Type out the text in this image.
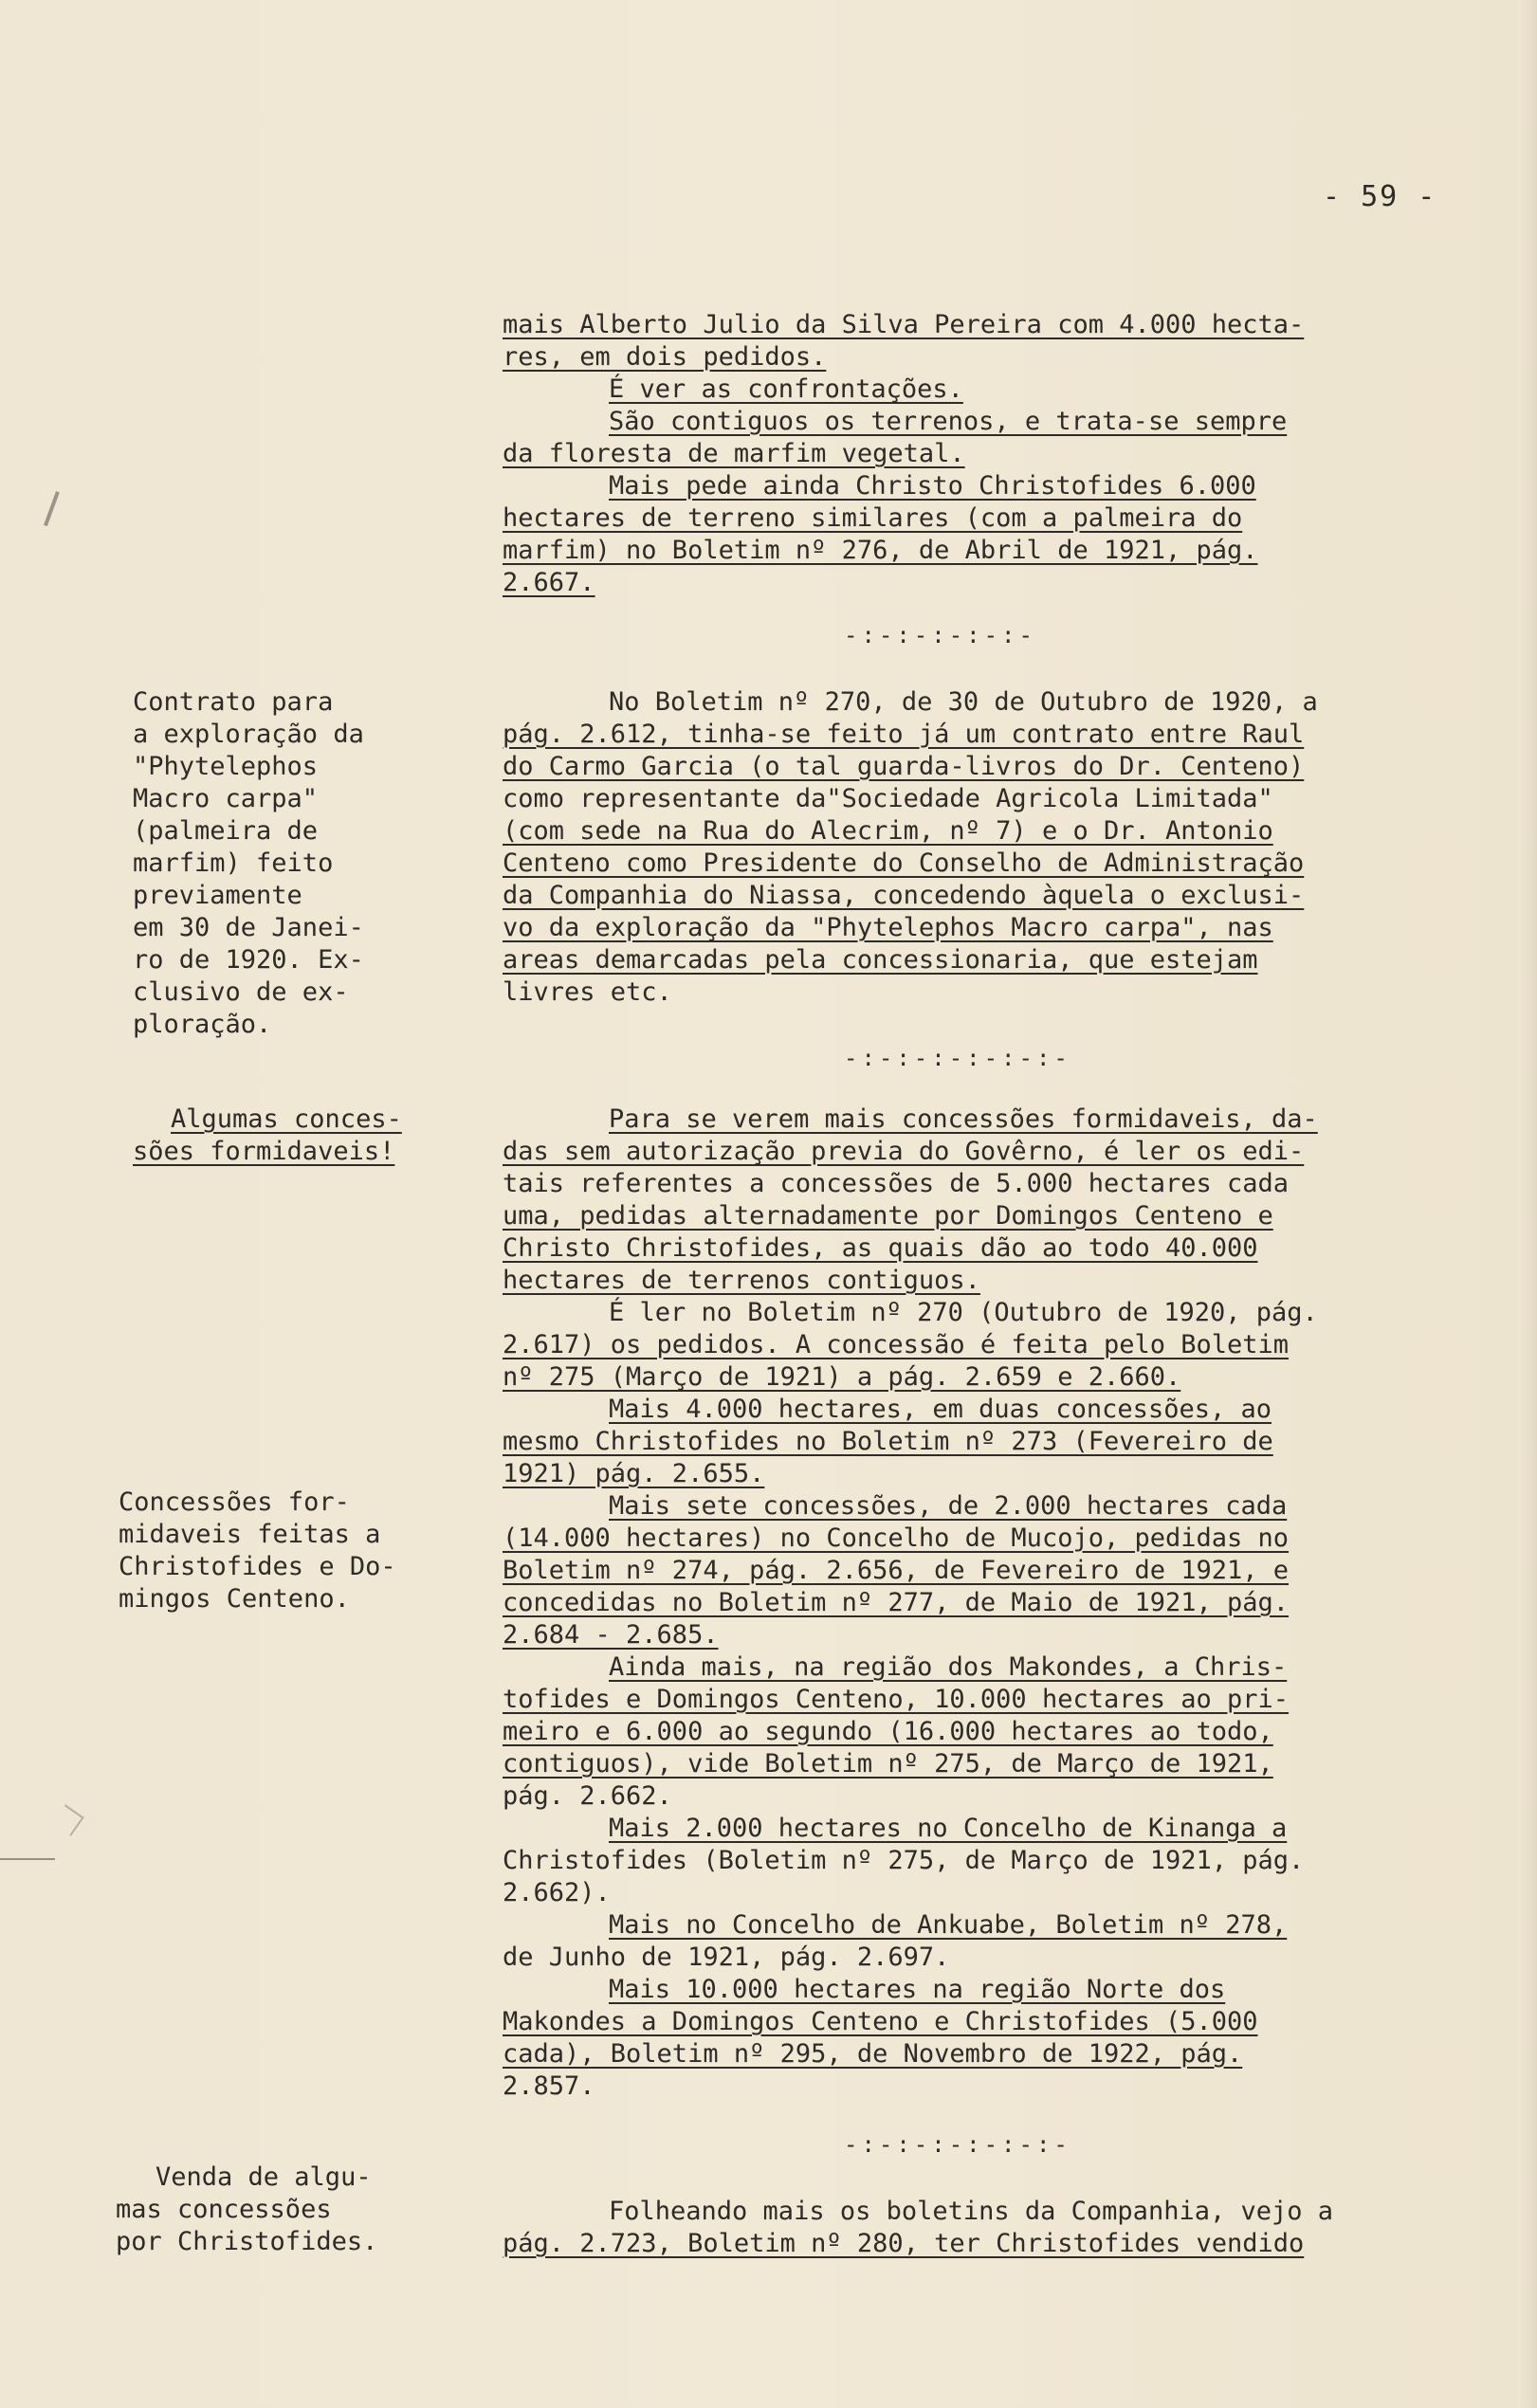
- 59 -
mais Alberto Julio da Silva Pereira com 4.000 hecta-
res, em dois pedidos.
É ver as confrontações.
São contiguos os terrenos, e trata-se sempre
da floresta de marfim vegetal.
Mais pede ainda Christo Christofides 6.000
hectares de terreno similares (com a palmeira do
marfim) no Boletim nº 276, de Abril de 1921, pág.
2.667.
-:-:-:-:-:-
Contrato para
a exploração da
"Phytelephos
Macro carpa"
(palmeira de
marfim) feito
previamente
em 30 de Janei-
ro de 1920. Ex-
clusivo de ex-
ploração.
No Boletim nº 270, de 30 de Outubro de 1920, a
pág. 2.612, tinha-se feito já um contrato entre Raul
do Carmo Garcia (o tal guarda-livros do Dr. Centeno)
como representante da"Sociedade Agricola Limitada"
(com sede na Rua do Alecrim, nº 7) e o Dr. Antonio
Centeno como Presidente do Conselho de Administração
da Companhia do Niassa, concedendo àquela o exclusi-
vo da exploração da "Phytelephos Macro carpa", nas
areas demarcadas pela concessionaria, que estejam
livres etc.
-:-:-:-:-:-:-
Algumas conces-
sões formidaveis!
Para se verem mais concessões formidaveis, da-
das sem autorização previa do Govêrno, é ler os edi-
tais referentes a concessões de 5.000 hectares cada
uma, pedidas alternadamente por Domingos Centeno e
Christo Christofides, as quais dão ao todo 40.000
hectares de terrenos contiguos.
É ler no Boletim nº 270 (Outubro de 1920, pág.
2.617) os pedidos. A concessão é feita pelo Boletim
nº 275 (Março de 1921) a pág. 2.659 e 2.660.
Mais 4.000 hectares, em duas concessões, ao
mesmo Christofides no Boletim nº 273 (Fevereiro de
1921) pág. 2.655.
Mais sete concessões, de 2.000 hectares cada
(14.000 hectares) no Concelho de Mucojo, pedidas no
Boletim nº 274, pág. 2.656, de Fevereiro de 1921, e
concedidas no Boletim nº 277, de Maio de 1921, pág.
2.684 - 2.685.
Ainda mais, na região dos Makondes, a Chris-
tofides e Domingos Centeno, 10.000 hectares ao pri-
meiro e 6.000 ao segundo (16.000 hectares ao todo,
contiguos), vide Boletim nº 275, de Março de 1921,
pág. 2.662.
Mais 2.000 hectares no Concelho de Kinanga a
Christofides (Boletim nº 275, de Março de 1921, pág.
2.662).
Mais no Concelho de Ankuabe, Boletim nº 278,
de Junho de 1921, pág. 2.697.
Mais 10.000 hectares na região Norte dos
Makondes a Domingos Centeno e Christofides (5.000
cada), Boletim nº 295, de Novembro de 1922, pág.
2.857.
Concessões for-
midaveis feitas a
Christofides e Do-
mingos Centeno.
-:-:-:-:-:-:-
Venda de algu-
mas concessões
por Christofides.
Folheando mais os boletins da Companhia, vejo a
pág. 2.723, Boletim nº 280, ter Christofides vendido
